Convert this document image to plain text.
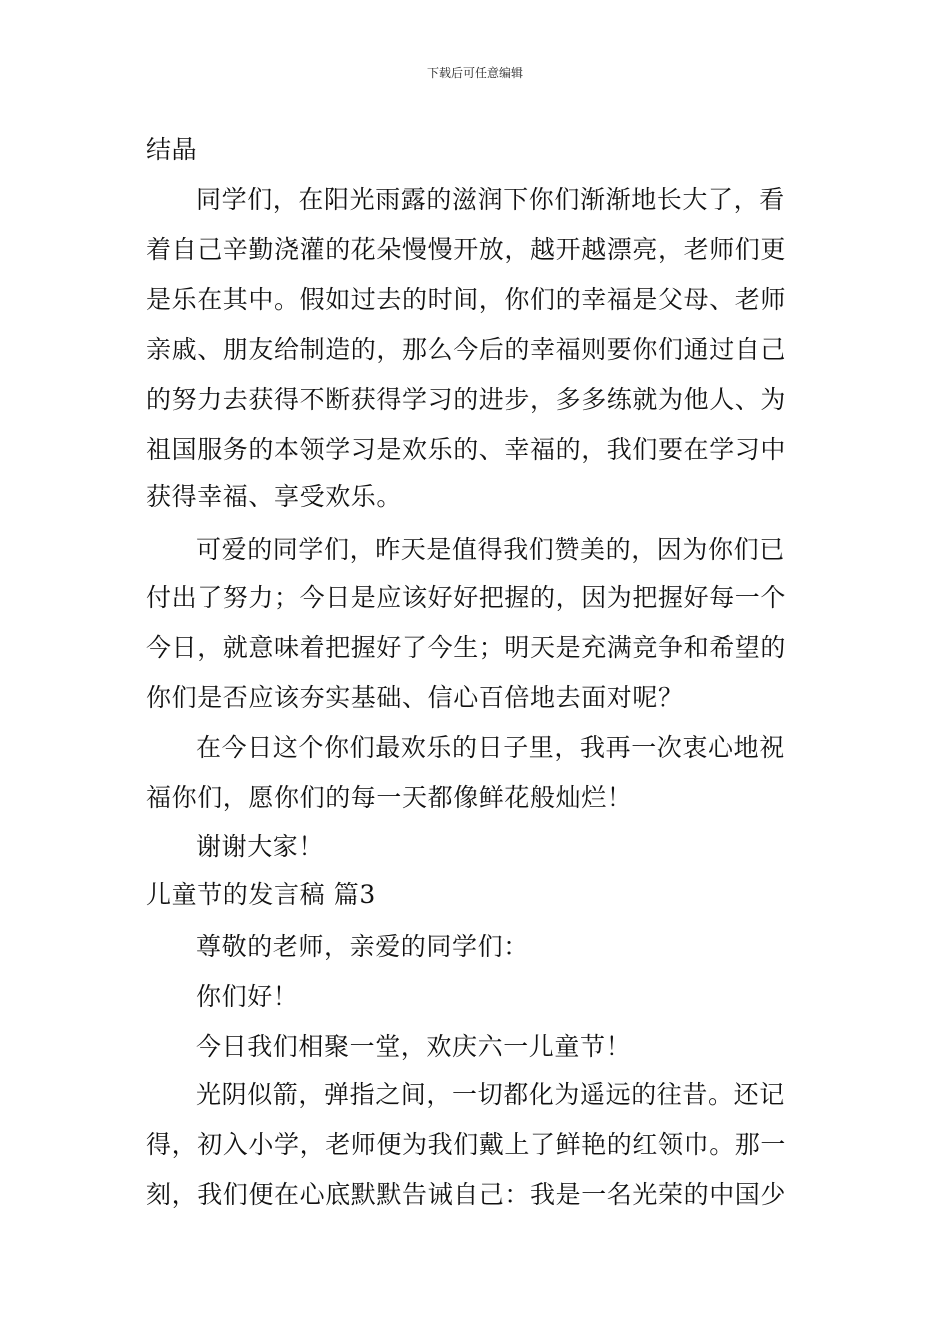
下载后可任意编辑
结晶
同学们，在阳光雨露的滋润下你们渐渐地长大了，看
着自己辛勤浇灌的花朵慢慢开放，越开越漂亮，老师们更
是乐在其中。假如过去的时间，你们的幸福是父母、老师
亲戚、朋友给制造的，那么今后的幸福则要你们通过自己
的努力去获得不断获得学习的进步，多多练就为他人、为
祖国服务的本领学习是欢乐的、幸福的，我们要在学习中
获得幸福、享受欢乐。
可爱的同学们，昨天是值得我们赞美的，因为你们已
付出了努力；今日是应该好好把握的，因为把握好每一个
今日，就意味着把握好了今生；明天是充满竞争和希望的
你们是否应该夯实基础、信心百倍地去面对呢？
在今日这个你们最欢乐的日子里，我再一次衷心地祝
福你们，愿你们的每一天都像鲜花般灿烂！
谢谢大家！
儿童节的发言稿 篇3
尊敬的老师，亲爱的同学们：
你们好！
今日我们相聚一堂，欢庆六一儿童节！
光阴似箭，弹指之间，一切都化为遥远的往昔。还记
得，初入小学，老师便为我们戴上了鲜艳的红领巾。那一
刻，我们便在心底默默告诫自己：我是一名光荣的中国少
